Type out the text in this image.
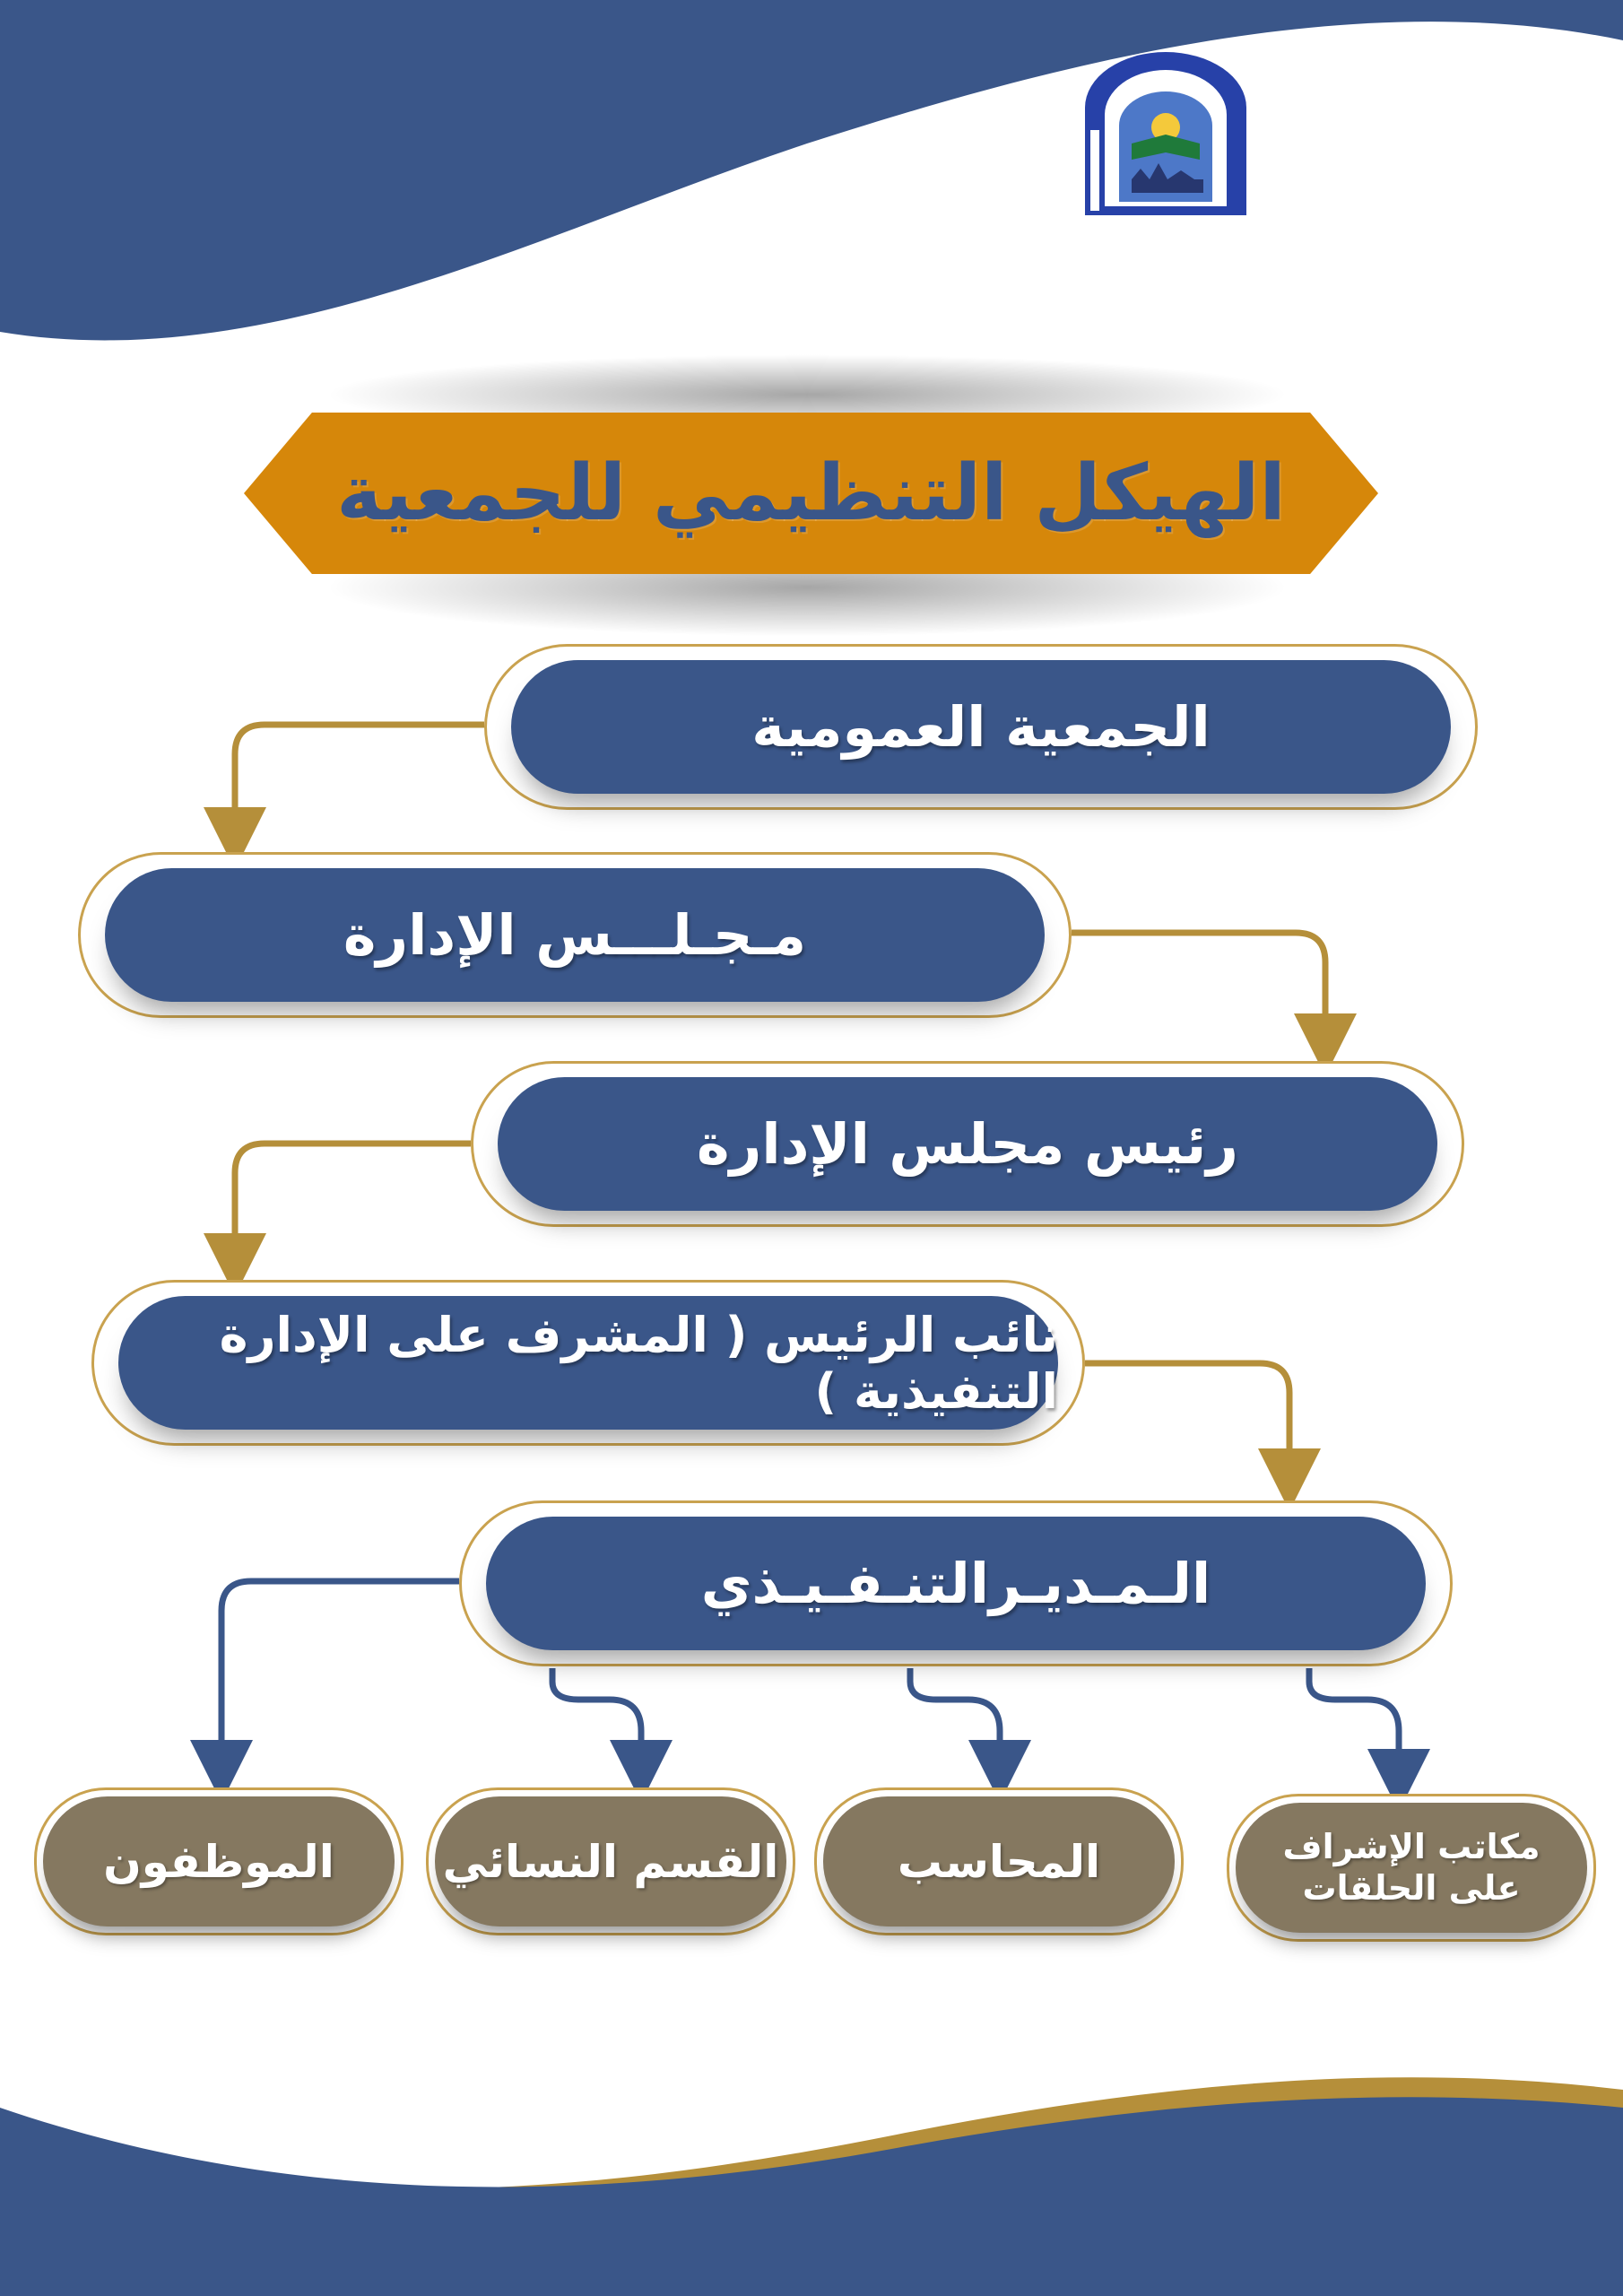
الهيكل التنظيمي للجمعية
الجمعية العمومية
مـجـلـــس الإدارة
رئيس مجلس الإدارة
نائب الرئيس ( المشرف على الإدارة التنفيذية )
الـمـديـرالتنـفـيـذي
مكاتب الإشراف
على الحلقات
المحاسب
القسم النسائي
الموظفون
